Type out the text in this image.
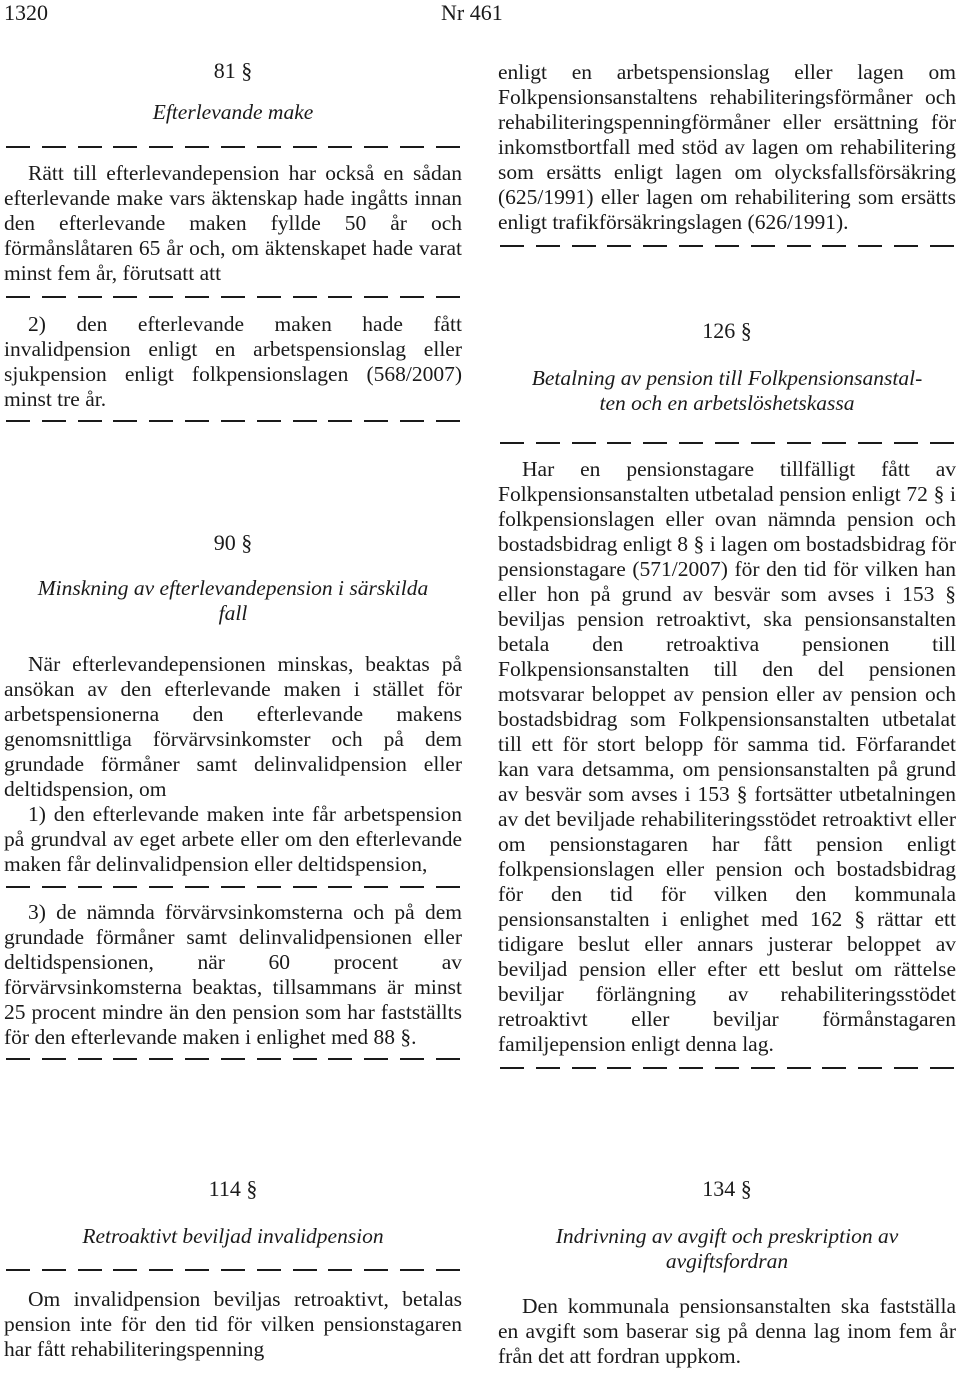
1320	Nr 461
81 §
Efterlevande make

Rätt till efterlevandepension har också en sådan efterlevande make vars äktenskap hade ingåtts innan den efterlevande maken fyllde 50 år och förmånslåtaren 65 år och, om äktenskapet hade varat minst fem år, förutsatt att

2) den efterlevande maken hade fått invalidpension enligt en arbetspensionslag eller sjukpension enligt folkpensionslagen (568/2007) minst tre år.

90 §
Minskning av efterlevandepension i särskilda
fall

När efterlevandepensionen minskas, beaktas på ansökan av den efterlevande maken i stället för arbetspensionerna den efterlevande makens genomsnittliga förvärvsinkomster och på dem grundade förmåner samt delinvalidpension eller deltidspension, om

1) den efterlevande maken inte får arbetspension på grundval av eget arbete eller om den efterlevande maken får delinvalidpension eller deltidspension,

3) de nämnda förvärvsinkomsterna och på dem grundade förmåner samt delinvalidpensionen eller deltidspensionen, när 60 procent av förvärvsinkomsterna beaktas, tillsammans är minst 25 procent mindre än den pension som har fastställts för den efterlevande maken i enlighet med 88 §.

114 §
Retroaktivt beviljad invalidpension

Om invalidpension beviljas retroaktivt, betalas pension inte för den tid för vilken pensionstagaren har fått rehabiliteringspenning

enligt en arbetspensionslag eller lagen om Folkpensionsanstaltens rehabiliteringsförmåner och rehabiliteringspenningförmåner eller ersättning för inkomstbortfall med stöd av lagen om rehabilitering som ersätts enligt lagen om olycksfallsförsäkring (625/1991) eller lagen om rehabilitering som ersätts enligt trafikförsäkringslagen (626/1991).

126 §
Betalning av pension till Folkpensionsanstal-
ten och en arbetslöshetskassa

Har en pensionstagare tillfälligt fått av Folkpensionsanstalten utbetalad pension enligt 72 § i folkpensionslagen eller ovan nämnda pension och bostadsbidrag enligt 8 § i lagen om bostadsbidrag för pensionstagare (571/2007) för den tid för vilken han eller hon på grund av besvär som avses i 153 § beviljas pension retroaktivt, ska pensionsanstalten betala den retroaktiva pensionen till Folkpensionsanstalten till den del pensionen motsvarar beloppet av pension eller av pension och bostadsbidrag som Folkpensionsanstalten utbetalat till ett för stort belopp för samma tid. Förfarandet kan vara detsamma, om pensionsanstalten på grund av besvär som avses i 153 § fortsätter utbetalningen av det beviljade rehabiliteringsstödet retroaktivt eller om pensionstagaren har fått pension enligt folkpensionslagen eller pension och bostadsbidrag för den tid för vilken den kommunala pensionsanstalten i enlighet med 162 § rättar ett tidigare beslut eller annars justerar beloppet av beviljad pension eller efter ett beslut om rättelse beviljar förlängning av rehabiliteringsstödet retroaktivt eller beviljar förmånstagaren familjepension enligt denna lag.

134 §
Indrivning av avgift och preskription av
avgiftsfordran

Den kommunala pensionsanstalten ska fastställa en avgift som baserar sig på denna lag inom fem år från det att fordran uppkom.
